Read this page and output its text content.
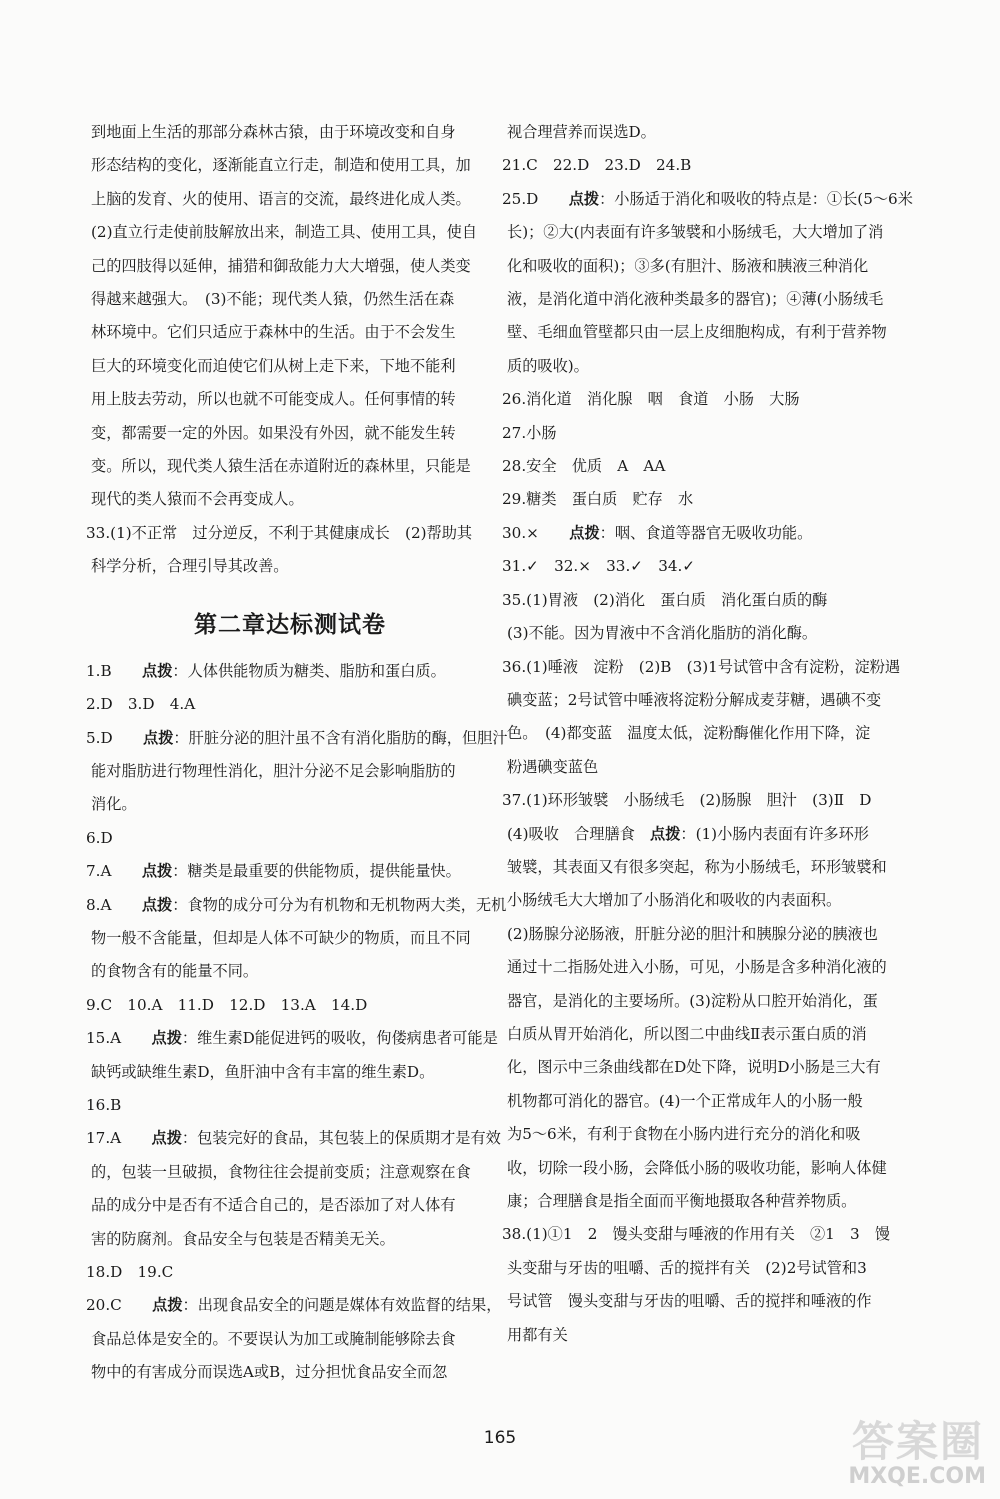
到地面上生活的那部分森林古猿，由于环境改变和自身

形态结构的变化，逐渐能直立行走，制造和使用工具，加

上脑的发育、火的使用、语言的交流，最终进化成人类。

(2)直立行走使前肢解放出来，制造工具、使用工具，使自

己的四肢得以延伸，捕猎和御敌能力大大增强，使人类变

得越来越强大。　(3)不能；现代类人猿，仍然生活在森

林环境中。它们只适应于森林中的生活。由于不会发生

巨大的环境变化而迫使它们从树上走下来，下地不能利

用上肢去劳动，所以也就不可能变成人。任何事情的转

变，都需要一定的外因。如果没有外因，就不能发生转

变。所以，现代类人猿生活在赤道附近的森林里，只能是

现代的类人猿而不会再变成人。

33.(1)不正常　过分逆反，不利于其健康成长　(2)帮助其

科学分析，合理引导其改善。

第二章达标测试卷

1.B　　 点拨：人体供能物质为糖类、脂肪和蛋白质。

2.D　3.D　4.A

5.D　　 点拨：肝脏分泌的胆汁虽不含有消化脂肪的酶，但胆汁

能对脂肪进行物理性消化，胆汁分泌不足会影响脂肪的

消化。

6.D

7.A　　 点拨：糖类是最重要的供能物质，提供能量快。

8.A　　 点拨：食物的成分可分为有机物和无机物两大类，无机

物一般不含能量，但却是人体不可缺少的物质，而且不同

的食物含有的能量不同。

9.C　10.A　11.D　12.D　13.A　14.D

15.A　　 点拨：维生素D能促进钙的吸收，佝偻病患者可能是

缺钙或缺维生素D，鱼肝油中含有丰富的维生素D。

16.B

17.A　　 点拨：包装完好的食品，其包装上的保质期才是有效

的，包装一旦破损，食物往往会提前变质；注意观察在食

品的成分中是否有不适合自己的，是否添加了对人体有

害的防腐剂。食品安全与包装是否精美无关。

18.D　19.C

20.C　　 点拨：出现食品安全的问题是媒体有效监督的结果，

食品总体是安全的。不要误认为加工或腌制能够除去食

物中的有害成分而误选A或B，过分担忧食品安全而忽

视合理营养而误选D。

21.C　22.D　23.D　24.B

25.D　　 点拨：小肠适于消化和吸收的特点是：①长(5～6米

长)；②大(内表面有许多皱襞和小肠绒毛，大大增加了消

化和吸收的面积)；③多(有胆汁、肠液和胰液三种消化

液，是消化道中消化液种类最多的器官)；④薄(小肠绒毛

壁、毛细血管壁都只由一层上皮细胞构成，有利于营养物

质的吸收)。

26.消化道　消化腺　咽　食道　小肠　大肠

27.小肠

28.安全　优质　A　AA

29.糖类　蛋白质　贮存　水

30.×　　 点拨：咽、食道等器官无吸收功能。

31.✓　32.×　33.✓　34.✓

35.(1)胃液　(2)消化　蛋白质　消化蛋白质的酶

(3)不能。因为胃液中不含消化脂肪的消化酶。

36.(1)唾液　淀粉　(2)B　(3)1号试管中含有淀粉，淀粉遇

碘变蓝；2号试管中唾液将淀粉分解成麦芽糖，遇碘不变

色。　(4)都变蓝　温度太低，淀粉酶催化作用下降，淀

粉遇碘变蓝色

37.(1)环形皱襞　小肠绒毛　(2)肠腺　胆汁　(3)Ⅱ　D

(4)吸收　合理膳食　点拨：(1)小肠内表面有许多环形

皱襞，其表面又有很多突起，称为小肠绒毛，环形皱襞和

小肠绒毛大大增加了小肠消化和吸收的内表面积。

(2)肠腺分泌肠液，肝脏分泌的胆汁和胰腺分泌的胰液也

通过十二指肠处进入小肠，可见，小肠是含多种消化液的

器官，是消化的主要场所。(3)淀粉从口腔开始消化，蛋

白质从胃开始消化，所以图二中曲线Ⅱ表示蛋白质的消

化，图示中三条曲线都在D处下降，说明D小肠是三大有

机物都可消化的器官。(4)一个正常成年人的小肠一般

为5～6米，有利于食物在小肠内进行充分的消化和吸

收，切除一段小肠，会降低小肠的吸收功能，影响人体健

康；合理膳食是指全面而平衡地摄取各种营养物质。

38.(1)①1　2　馒头变甜与唾液的作用有关　②1　3　馒

头变甜与牙齿的咀嚼、舌的搅拌有关　(2)2号试管和3

号试管　馒头变甜与牙齿的咀嚼、舌的搅拌和唾液的作

用都有关

165	答案圈
MXQE.COM
